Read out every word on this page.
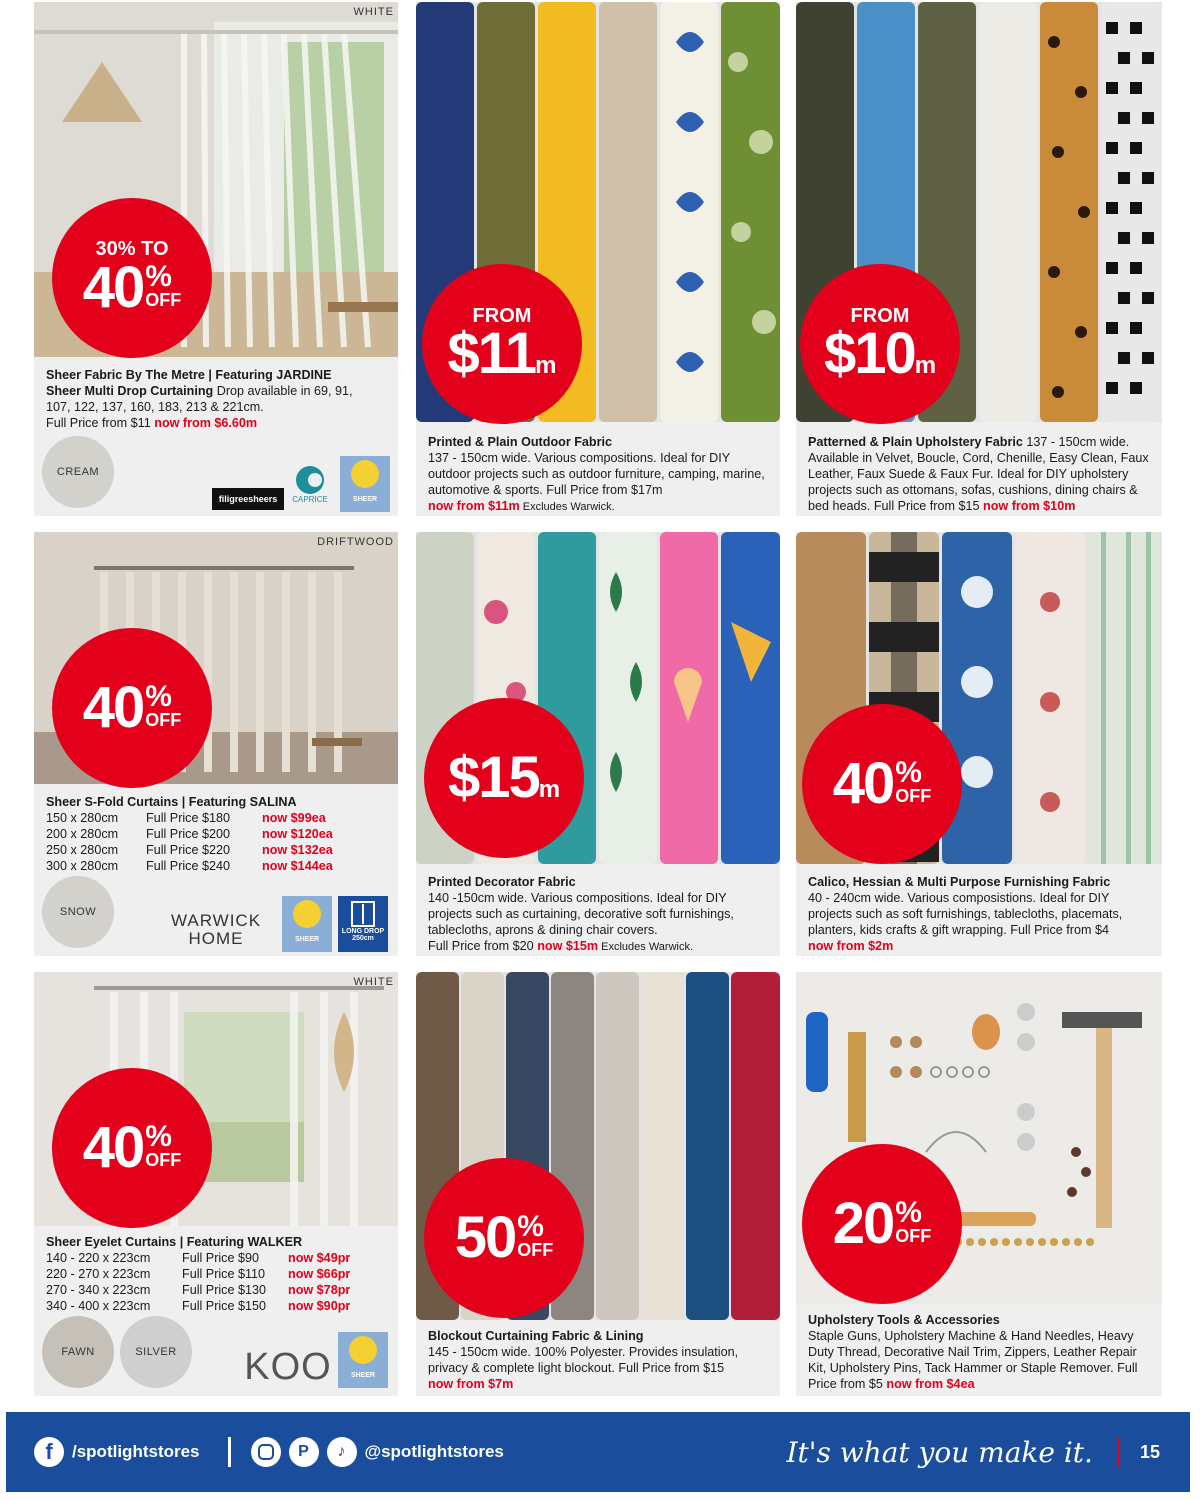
WHITE
30% TO
40 %
OFF
Sheer Fabric By The Metre | Featuring JARDINE
Sheer Multi Drop Curtaining Drop available in 69, 91,
107, 122, 137, 160, 183, 213 & 221cm.
Full Price from $11 now from $6.60m
CREAM
filigreesheers	CAPRICE	SHEER
FROM
$11 m
Printed & Plain Outdoor Fabric
137 - 150cm wide. Various compositions. Ideal for DIY outdoor projects such as outdoor furniture, camping, marine, automotive & sports. Full Price from $17m
now from $11m Excludes Warwick.
FROM
$10 m
Patterned & Plain Upholstery Fabric 137 - 150cm wide. Available in Velvet, Boucle, Cord, Chenille, Easy Clean, Faux Leather, Faux Suede & Faux Fur. Ideal for DIY upholstery projects such as ottomans, sofas, cushions, dining chairs & bed heads. Full Price from $15 now from $10m
DRIFTWOOD
40 %
OFF
Sheer S-Fold Curtains | Featuring SALINA
150 x 280cm	Full Price $180	now $99ea
200 x 280cm	Full Price $200	now $120ea
250 x 280cm	Full Price $220	now $132ea
300 x 280cm	Full Price $240	now $144ea
SNOW	WARWICK
HOME	SHEER
LONG DROP
250cm
$15 m
Printed Decorator Fabric
140 -150cm wide. Various compositions. Ideal for DIY projects such as curtaining, decorative soft furnishings, tablecloths, aprons & dining chair covers.
Full Price from $20 now $15m Excludes Warwick.
40 %
OFF
Calico, Hessian & Multi Purpose Furnishing Fabric
40 - 240cm wide. Various composistions. Ideal for DIY projects such as soft furnishings, tablecloths, placemats, planters, kids crafts & gift wrapping. Full Price from $4
now from $2m
WHITE
40 %
OFF
Sheer Eyelet Curtains | Featuring WALKER
140 - 220 x 223cm	Full Price $90	now $49pr
220 - 270 x 223cm	Full Price $110	now $66pr
270 - 340 x 223cm	Full Price $130	now $78pr
340 - 400 x 223cm	Full Price $150	now $90pr
FAWN	SILVER	KOO	SHEER
50 %
OFF
Blockout Curtaining Fabric & Lining
145 - 150cm wide. 100% Polyester. Provides insulation, privacy & complete light blockout. Full Price from $15
now from $7m
20 %
OFF
Upholstery Tools & Accessories
Staple Guns, Upholstery Machine & Hand Needles, Heavy Duty Thread, Decorative Nail Trim, Zippers, Leather Repair Kit, Upholstery Pins, Tack Hammer or Staple Remover. Full Price from $5 now from $4ea
f	/spotlightstores	P	♪	@spotlightstores	It's what you make it.	15
